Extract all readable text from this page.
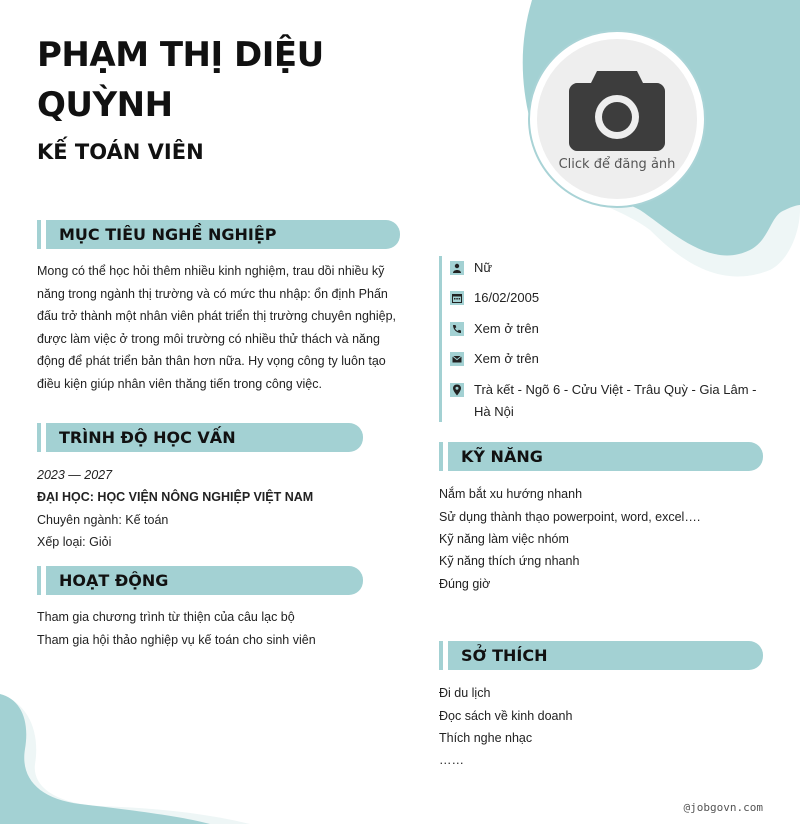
PHẠM THỊ DIỆU QUỲNH
KẾ TOÁN VIÊN	Click để đăng ảnh
MỤC TIÊU NGHỀ NGHIỆP
Mong có thể học hỏi thêm nhiều kinh nghiệm, trau dồi nhiều kỹ năng trong ngành thị trường và có mức thu nhập: ổn định Phấn đấu trở thành một nhân viên phát triển thị trường chuyên nghiệp, được làm việc ở trong môi trường có nhiều thử thách và năng động để phát triển bản thân hơn nữa. Hy vọng công ty luôn tạo điều kiện giúp nhân viên thăng tiến trong công việc.
TRÌNH ĐỘ HỌC VẤN
2023 — 2027
ĐẠI HỌC: HỌC VIỆN NÔNG NGHIỆP VIỆT NAM
Chuyên ngành: Kế toán
Xếp loại: Giỏi
HOẠT ĐỘNG
Tham gia chương trình từ thiện của câu lạc bộ
Tham gia hội thảo nghiệp vụ kế toán cho sinh viên
Nữ
16/02/2005
Xem ở trên
Xem ở trên
Trà kết - Ngõ 6 - Cửu Việt - Trâu Quỳ - Gia Lâm - Hà Nội
KỸ NĂNG
Nắm bắt xu hướng nhanh
Sử dụng thành thạo powerpoint, word, excel….
Kỹ năng làm việc nhóm
Kỹ năng thích ứng nhanh
Đúng giờ
SỞ THÍCH
Đi du lịch
Đọc sách về kinh doanh
Thích nghe nhạc
……
@jobgovn.com
